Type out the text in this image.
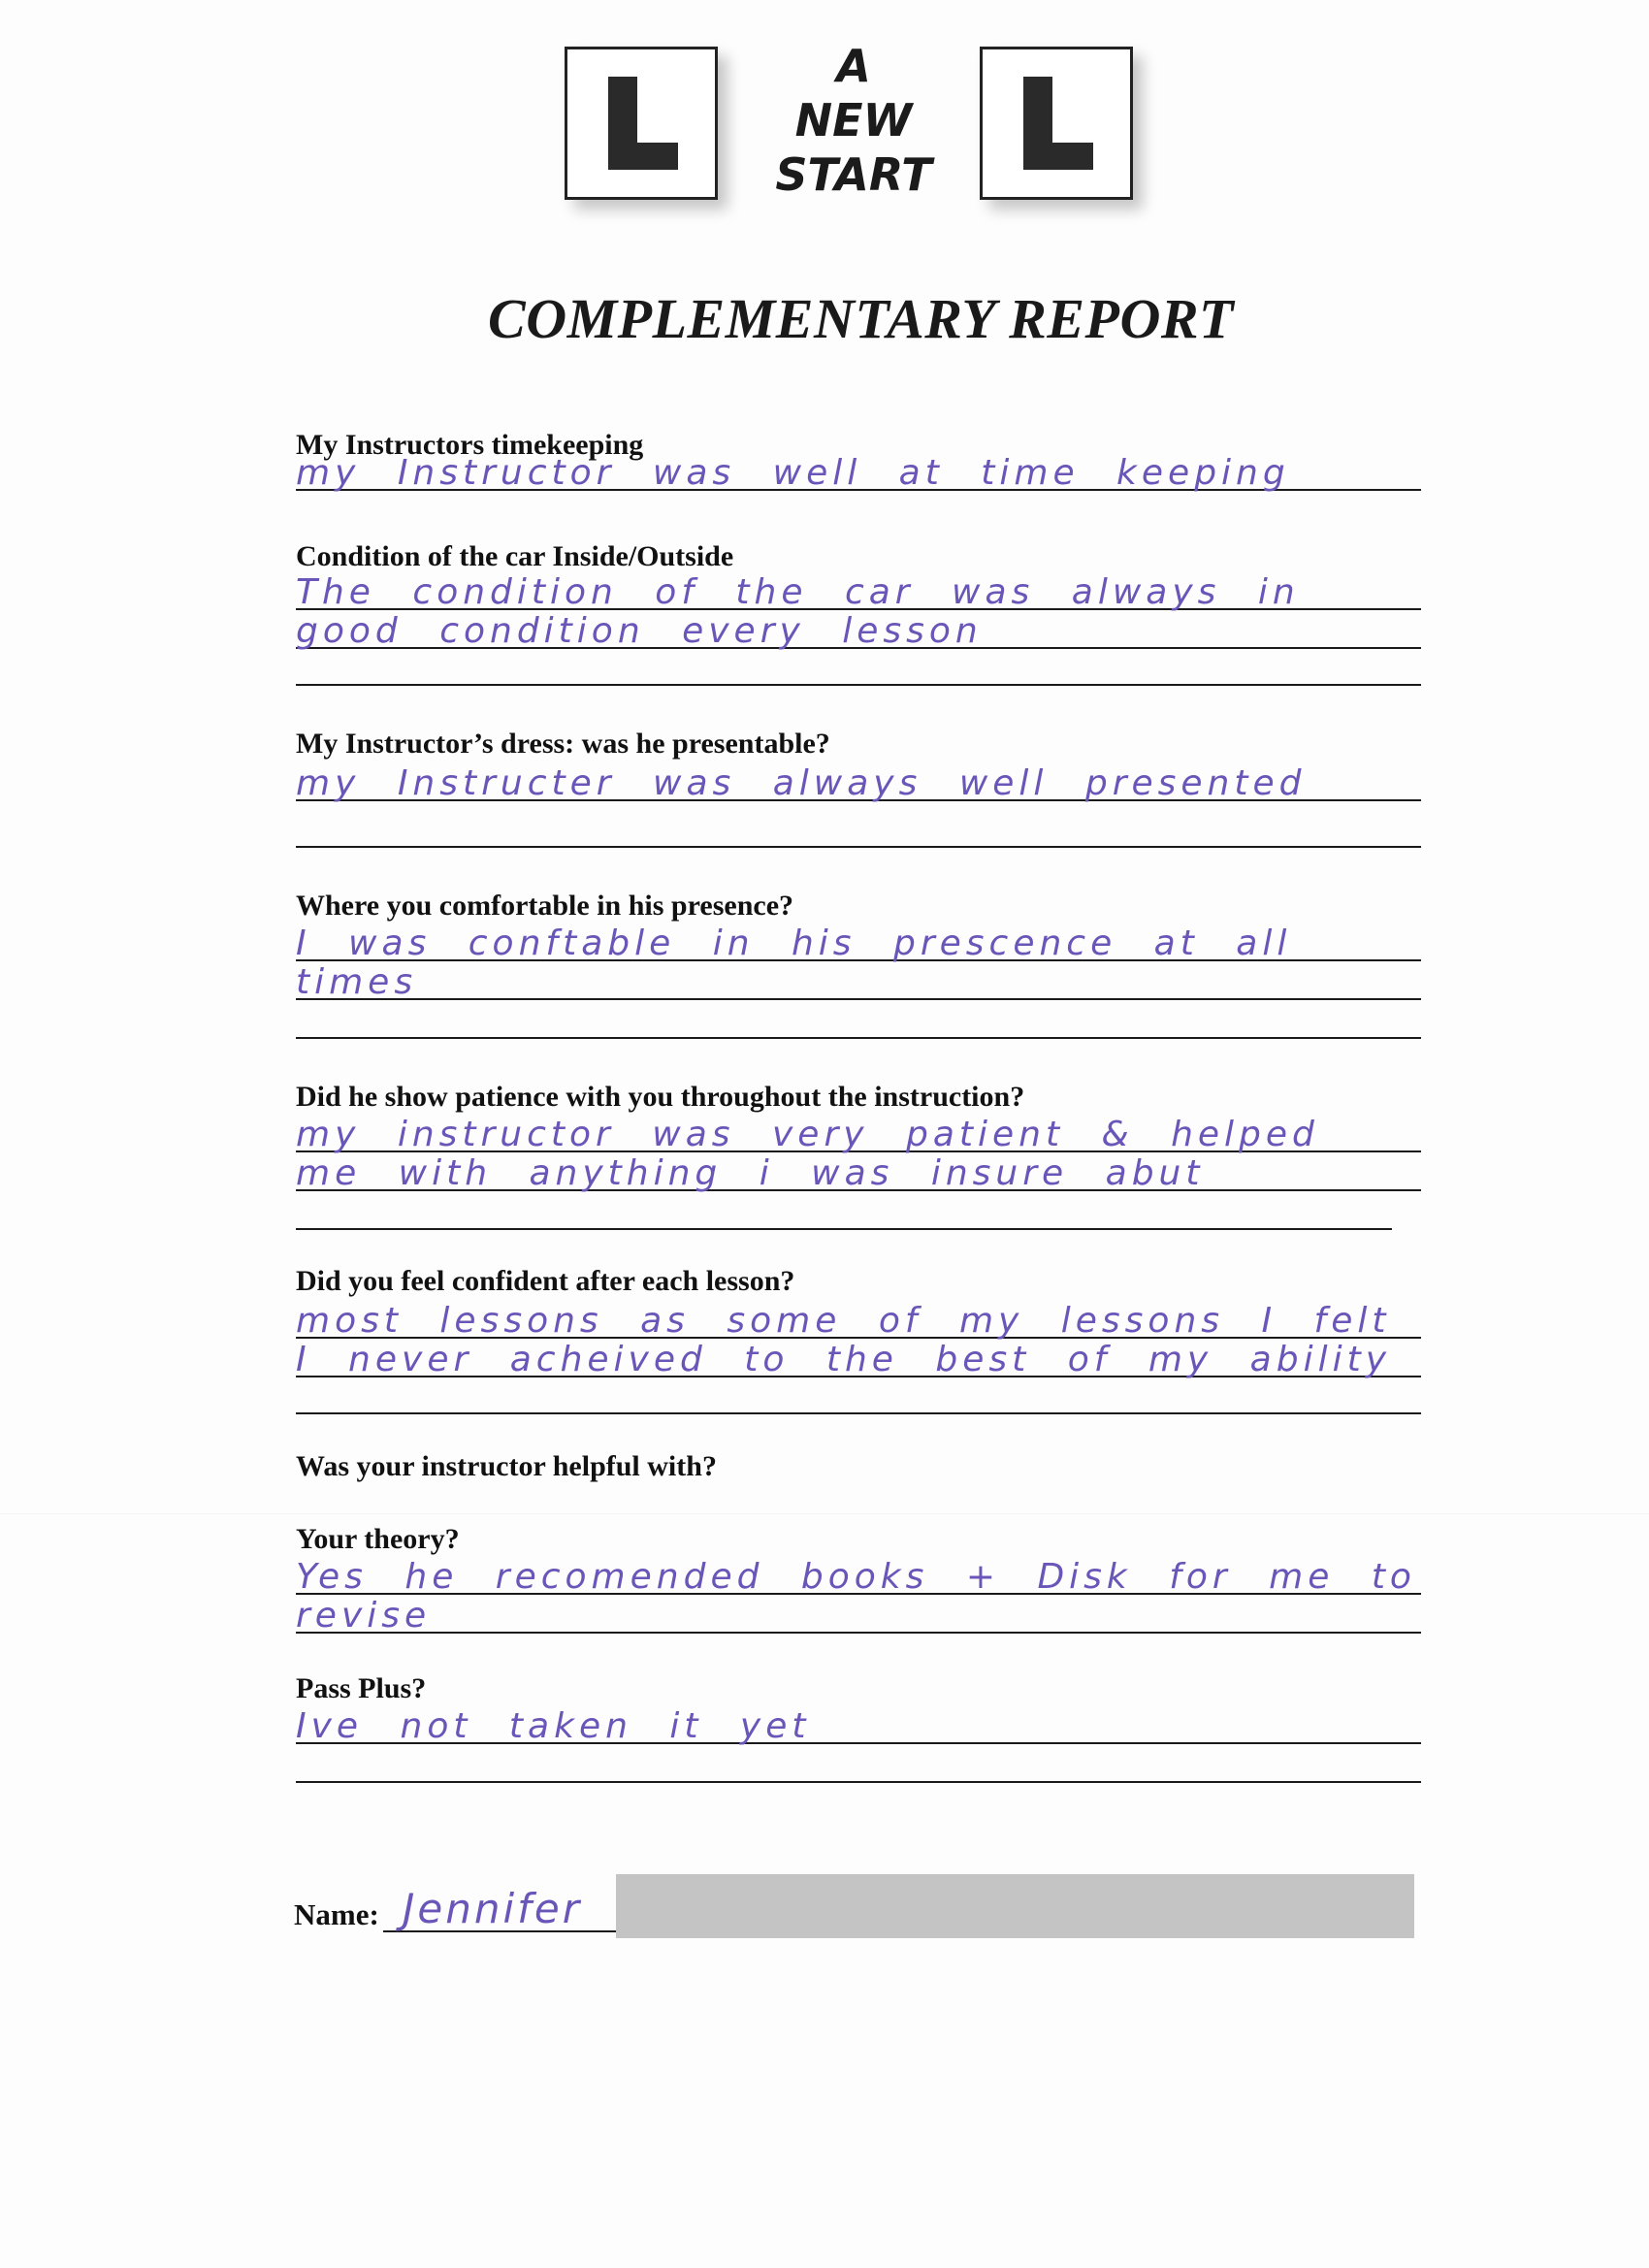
A
NEW
START
COMPLEMENTARY REPORT
My Instructors timekeeping
my Instructor was well at time keeping
Condition of the car Inside/Outside
The condition of the car was always in
good condition every lesson
My Instructor’s dress: was he presentable?
my Instructer was always well presented
Where you comfortable in his presence?
I was conftable in his prescence at all
times
Did he show patience with you throughout the instruction?
my instructor was very patient & helped
me with anything i was insure abut
Did you feel confident after each lesson?
most lessons as some of my lessons I felt
I never acheived to the best of my ability
Was your instructor helpful with?
Your theory?
Yes he recomended books + Disk for me to
revise
Pass Plus?
Ive not taken it yet
Name: Jennifer
